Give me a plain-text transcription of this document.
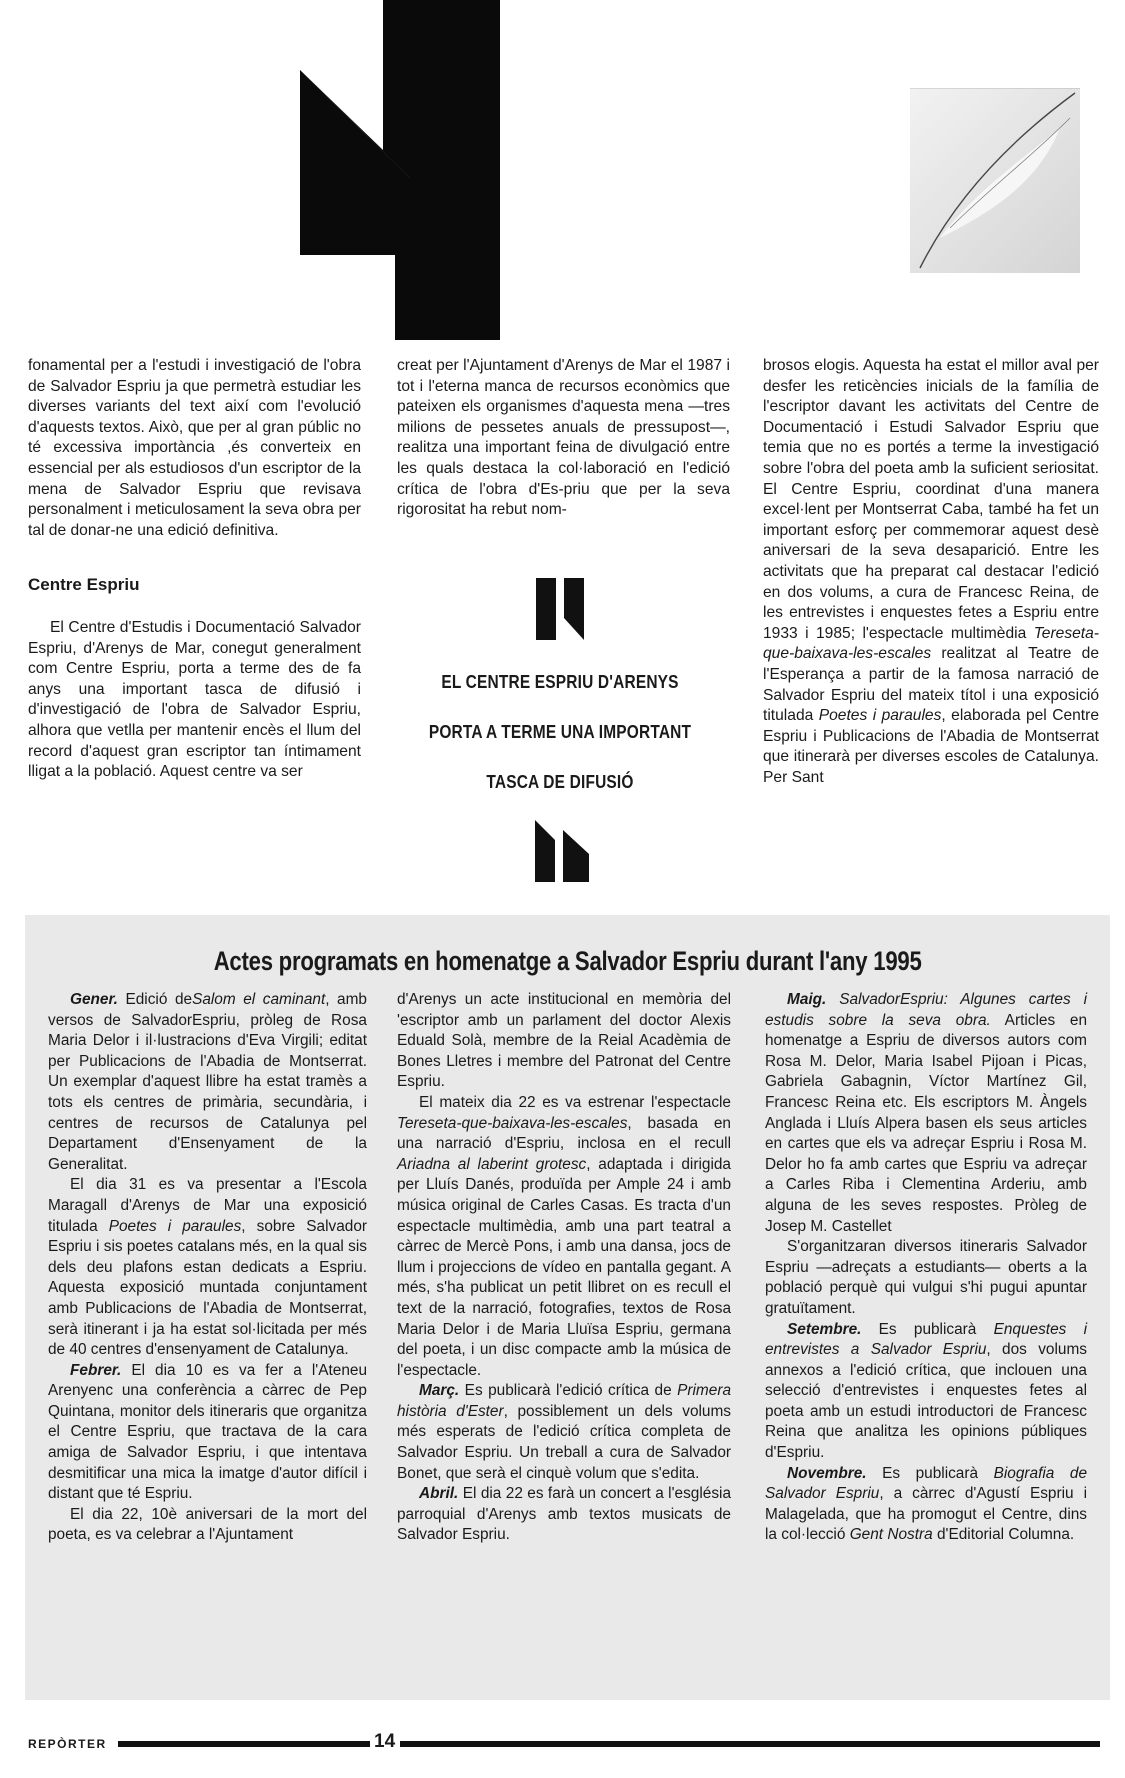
fonamental per a l'estudi i investigació de l'obra de Salvador Espriu ja que permetrà estudiar les diverses variants del text així com l'evolució d'aquests textos. Això, que per al gran públic no té excessiva importància ,és converteix en essencial per als estudiosos d'un escriptor de la mena de Salvador Espriu que revisava personalment i meticulosament la seva obra per tal de donar-ne una edició definitiva.

Centre Espriu

El Centre d'Estudis i Documentació Salvador Espriu, d'Arenys de Mar, conegut generalment com Centre Espriu, porta a terme des de fa anys una important tasca de difusió i d'investigació de l'obra de Salvador Espriu, alhora que vetlla per mantenir encès el llum del record d'aquest gran escriptor tan íntimament lligat a la població. Aquest centre va ser

creat per l'Ajuntament d'Arenys de Mar el 1987 i tot i l'eterna manca de recursos econòmics que pateixen els organismes d'aquesta mena —tres milions de pessetes anuals de pressupost—, realitza una important feina de divulgació entre les quals destaca la col·laboració en l'edició crítica de l'obra d'Es-priu que per la seva rigorositat ha rebut nom-

EL CENTRE ESPRIU D'ARENYS
PORTA A TERME UNA IMPORTANT
TASCA DE DIFUSIÓ

brosos elogis. Aquesta ha estat el millor aval per desfer les reticències inicials de la família de l'escriptor davant les activitats del Centre de Documentació i Estudi Salvador Espriu que temia que no es portés a terme la investigació sobre l'obra del poeta amb la suficient seriositat. El Centre Espriu, coordinat d'una manera excel·lent per Montserrat Caba, també ha fet un important esforç per commemorar aquest desè aniversari de la seva desaparició. Entre les activitats que ha preparat cal destacar l'edició en dos volums, a cura de Francesc Reina, de les entrevistes i enquestes fetes a Espriu entre 1933 i 1985; l'espectacle multimèdia Tereseta-que-baixava-les-escales realitzat al Teatre de l'Esperança a partir de la famosa narració de Salvador Espriu del mateix títol i una exposició titulada Poetes i paraules, elaborada pel Centre Espriu i Publicacions de l'Abadia de Montserrat que itinerarà per diverses escoles de Catalunya. Per Sant

Actes programats en homenatge a Salvador Espriu durant l'any 1995

Gener. Edició deSalom el caminant, amb versos de SalvadorEspriu, pròleg de Rosa Maria Delor i il·lustracions d'Eva Virgili; editat per Publicacions de l'Abadia de Montserrat. Un exemplar d'aquest llibre ha estat tramès a tots els centres de primària, secundària, i centres de recursos de Catalunya pel Departament d'Ensenyament de la Generalitat.

El dia 31 es va presentar a l'Escola Maragall d'Arenys de Mar una exposició titulada Poetes i paraules, sobre Salvador Espriu i sis poetes catalans més, en la qual sis dels deu plafons estan dedicats a Espriu. Aquesta exposició muntada conjuntament amb Publicacions de l'Abadia de Montserrat, serà itinerant i ja ha estat sol·licitada per més de 40 centres d'ensenyament de Catalunya.

Febrer. El dia 10 es va fer a l'Ateneu Arenyenc una conferència a càrrec de Pep Quintana, monitor dels itineraris que organitza el Centre Espriu, que tractava de la cara amiga de Salvador Espriu, i que intentava desmitificar una mica la imatge d'autor difícil i distant que té Espriu.

El dia 22, 10è aniversari de la mort del poeta, es va celebrar a l'Ajuntament

d'Arenys un acte institucional en memòria del 'escriptor amb un parlament del doctor Alexis Eduald Solà, membre de la Reial Acadèmia de Bones Lletres i membre del Patronat del Centre Espriu.

El mateix dia 22 es va estrenar l'espectacle Tereseta-que-baixava-les-escales, basada en una narració d'Espriu, inclosa en el recull Ariadna al laberint grotesc, adaptada i dirigida per Lluís Danés, produïda per Ample 24 i amb música original de Carles Casas. Es tracta d'un espectacle multimèdia, amb una part teatral a càrrec de Mercè Pons, i amb una dansa, jocs de llum i projeccions de vídeo en pantalla gegant. A més, s'ha publicat un petit llibret on es recull el text de la narració, fotografies, textos de Rosa Maria Delor i de Maria Lluïsa Espriu, germana del poeta, i un disc compacte amb la música de l'espectacle.

Març. Es publicarà l'edició crítica de Primera història d'Ester, possiblement un dels volums més esperats de l'edició crítica completa de Salvador Espriu. Un treball a cura de Salvador Bonet, que serà el cinquè volum que s'edita.

Abril. El dia 22 es farà un concert a l'església parroquial d'Arenys amb textos musicats de Salvador Espriu.

Maig. SalvadorEspriu: Algunes cartes i estudis sobre la seva obra. Articles en homenatge a Espriu de diversos autors com Rosa M. Delor, Maria Isabel Pijoan i Picas, Gabriela Gabagnin, Víctor Martínez Gil, Francesc Reina etc. Els escriptors M. Àngels Anglada i Lluís Alpera basen els seus articles en cartes que els va adreçar Espriu i Rosa M. Delor ho fa amb cartes que Espriu va adreçar a Carles Riba i Clementina Arderiu, amb alguna de les seves respostes. Pròleg de Josep M. Castellet

S'organitzaran diversos itineraris Salvador Espriu —adreçats a estudiants— oberts a la població perquè qui vulgui s'hi pugui apuntar gratuïtament.

Setembre. Es publicarà Enquestes i entrevistes a Salvador Espriu, dos volums annexos a l'edició crítica, que inclouen una selecció d'entrevistes i enquestes fetes al poeta amb un estudi introductori de Francesc Reina que analitza les opinions públiques d'Espriu.

Novembre. Es publicarà Biografia de Salvador Espriu, a càrrec d'Agustí Espriu i Malagelada, que ha promogut el Centre, dins la col·lecció Gent Nostra d'Editorial Columna.

REPÒRTER	14
